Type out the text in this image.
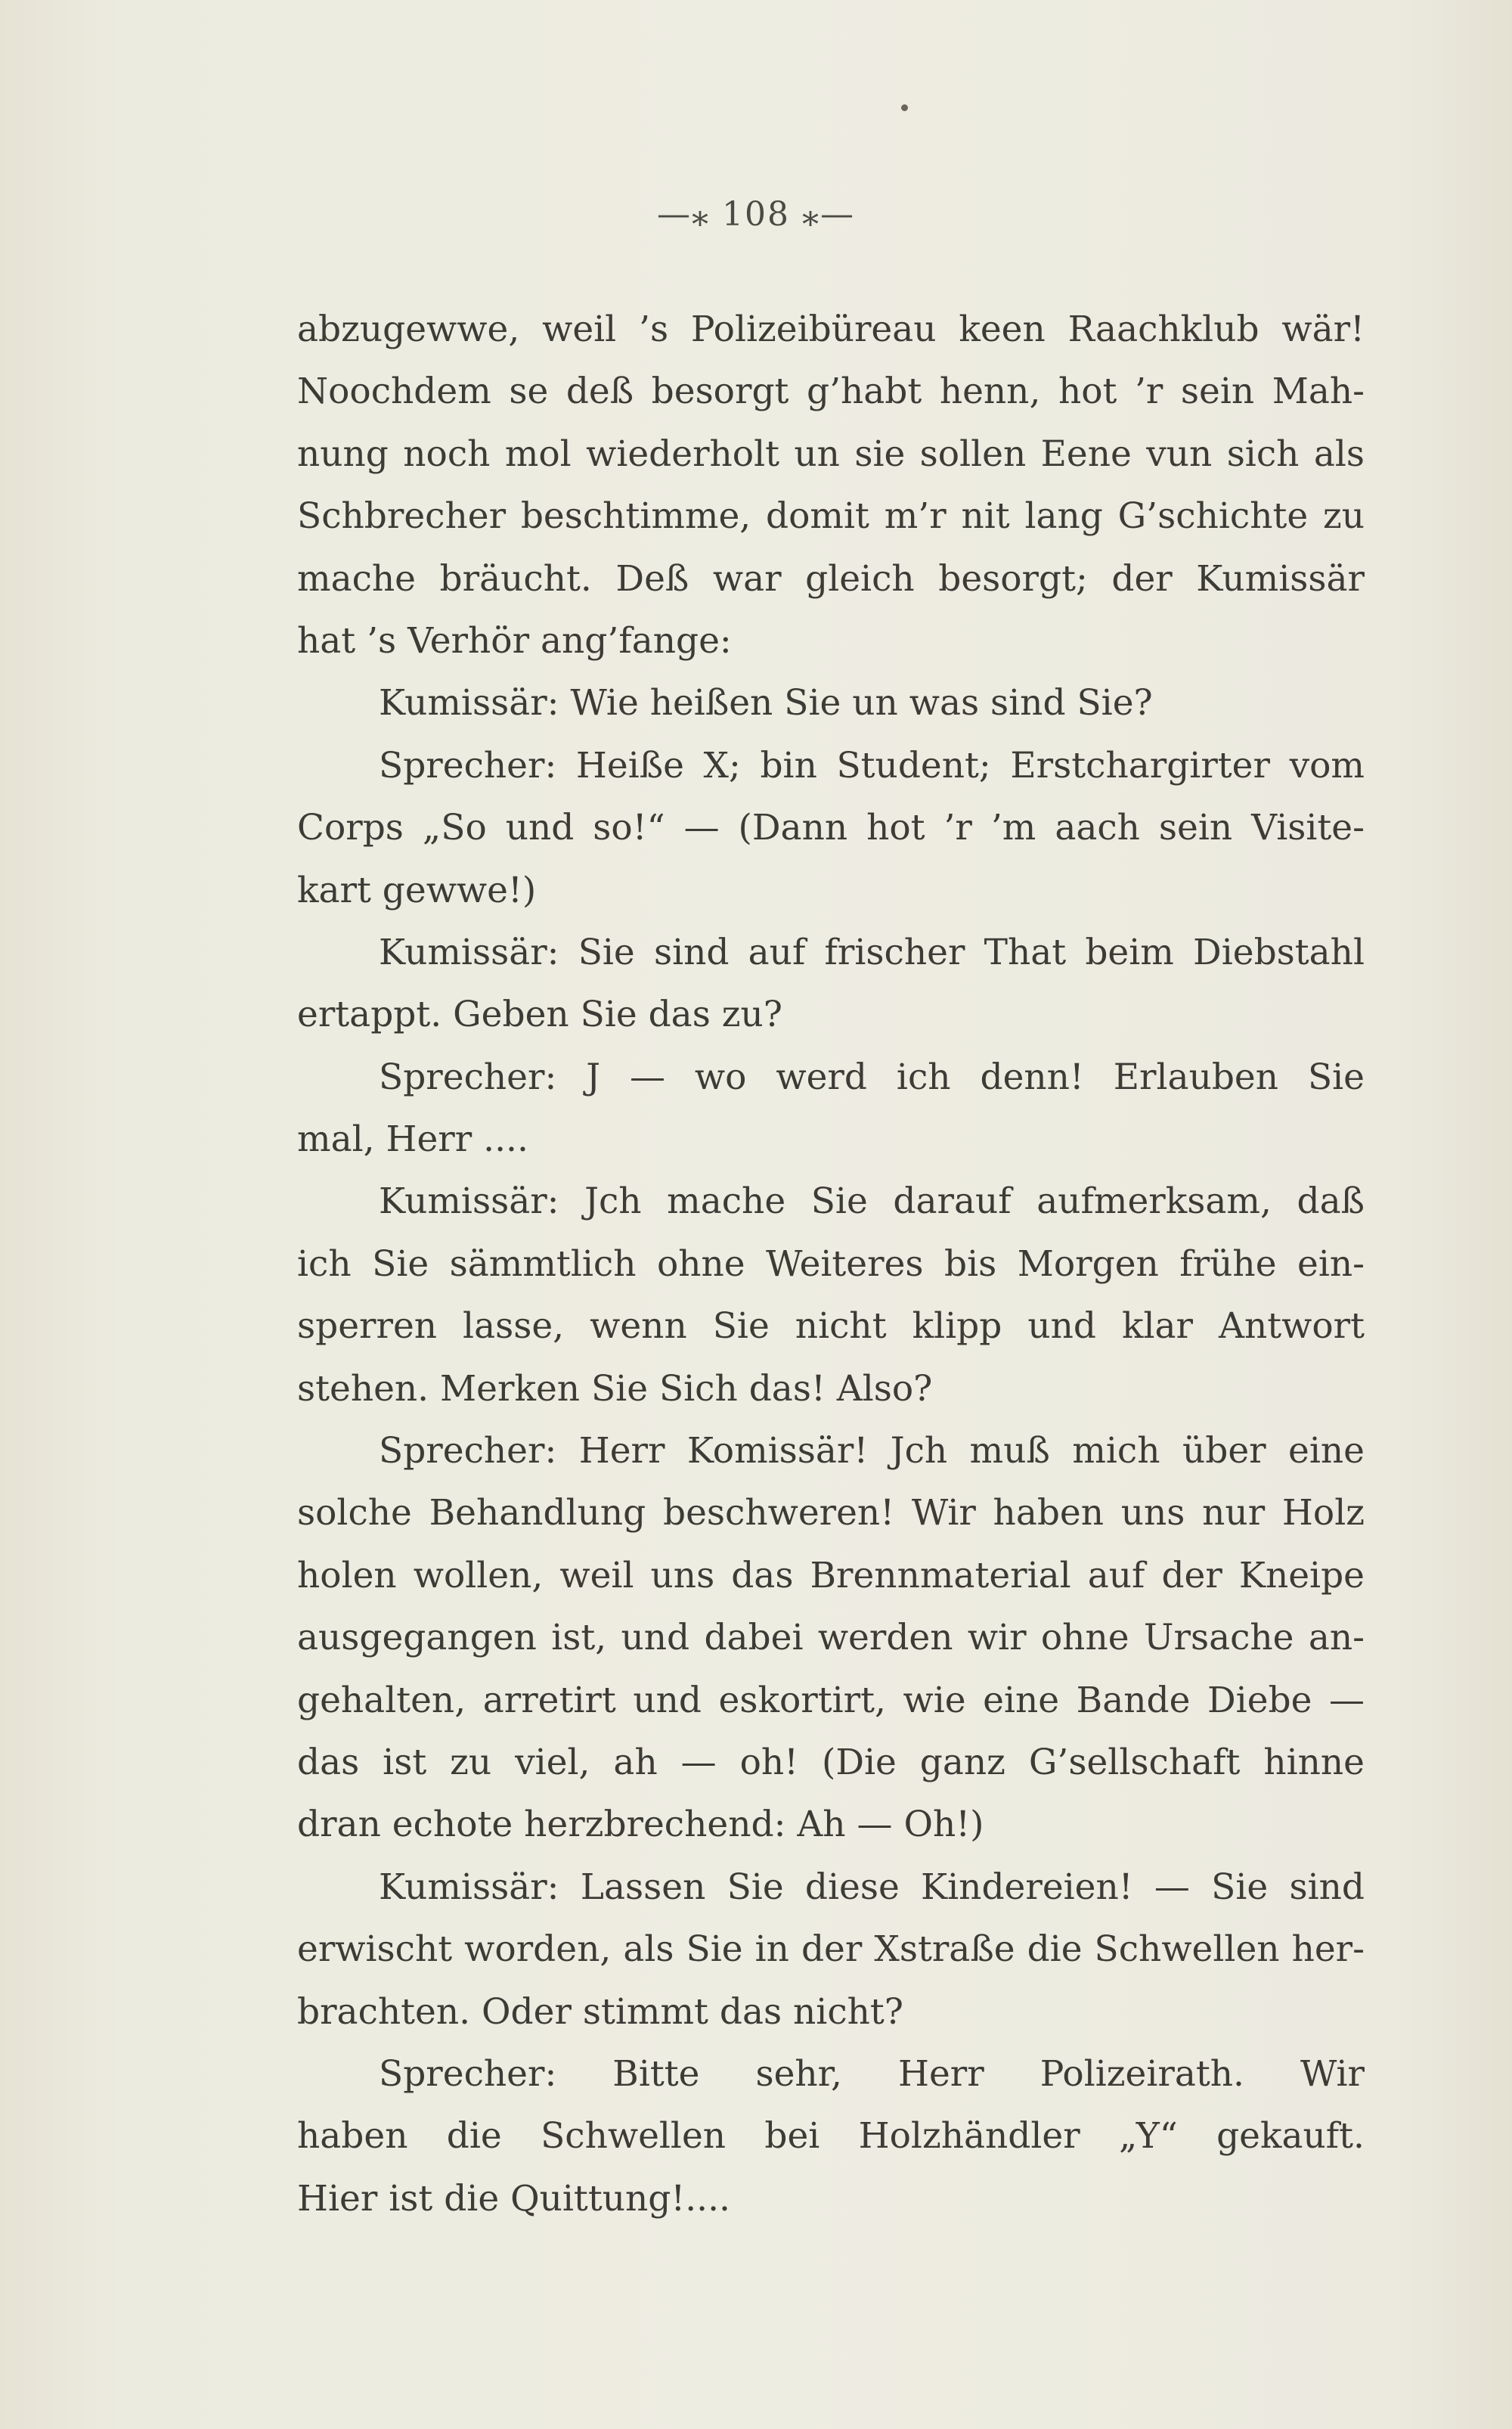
—⁎ 108 ⁎—
abzugewwe, weil ’s Polizeibüreau keen Raachklub wär!
Noochdem se deß besorgt g’habt henn, hot ’r sein Mah-
nung noch mol wiederholt un sie sollen Eene vun sich als
Schbrecher beschtimme, domit m’r nit lang G’schichte zu
mache bräucht. Deß war gleich besorgt; der Kumissär
hat ’s Verhör ang’fange:
Kumissär: Wie heißen Sie un was sind Sie?
Sprecher: Heiße X; bin Student; Erstchargirter vom
Corps „So und so!“ — (Dann hot ’r ’m aach sein Visite-
kart gewwe!)
Kumissär: Sie sind auf frischer That beim Diebstahl
ertappt. Geben Sie das zu?
Sprecher: J — wo werd ich denn! Erlauben Sie
mal, Herr ....
Kumissär: Jch mache Sie darauf aufmerksam, daß
ich Sie sämmtlich ohne Weiteres bis Morgen frühe ein-
sperren lasse, wenn Sie nicht klipp und klar Antwort
stehen. Merken Sie Sich das! Also?
Sprecher: Herr Komissär! Jch muß mich über eine
solche Behandlung beschweren! Wir haben uns nur Holz
holen wollen, weil uns das Brennmaterial auf der Kneipe
ausgegangen ist, und dabei werden wir ohne Ursache an-
gehalten, arretirt und eskortirt, wie eine Bande Diebe —
das ist zu viel, ah — oh! (Die ganz G’sellschaft hinne
dran echote herzbrechend: Ah — Oh!)
Kumissär: Lassen Sie diese Kindereien! — Sie sind
erwischt worden, als Sie in der Xstraße die Schwellen her-
brachten. Oder stimmt das nicht?
Sprecher: Bitte sehr, Herr Polizeirath. Wir
haben die Schwellen bei Holzhändler „Y“ gekauft.
Hier ist die Quittung!....
